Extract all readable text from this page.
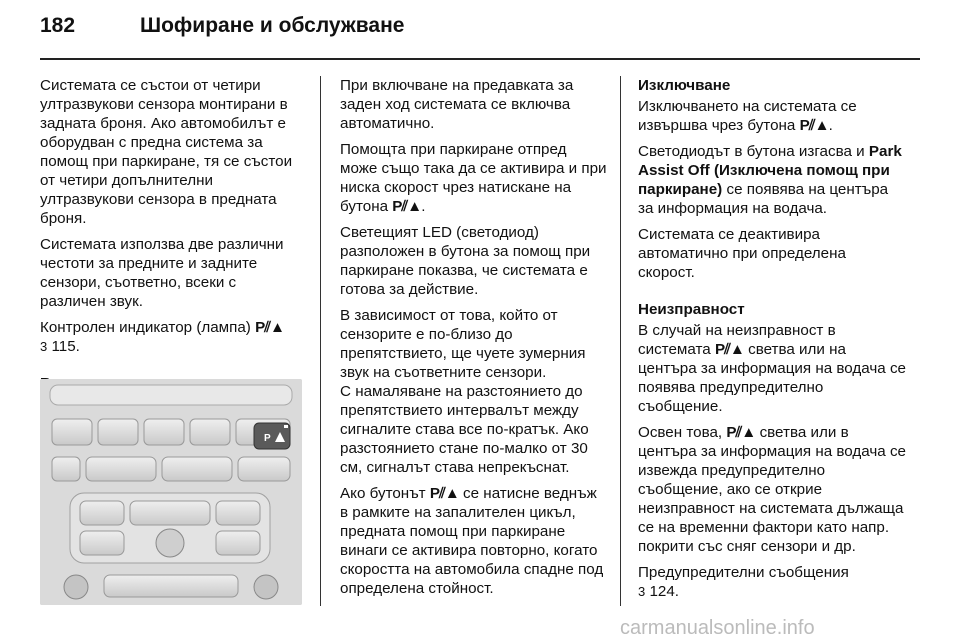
182	Шофиране и обслужване

Системата се състои от четири ултразвукови сензора монтирани в задната броня. Ако автомобилът е оборудван с предна система за помощ при паркиране, тя се състои от четири допълнителни ултразвукови сензора в предната броня.

Системата използва две различни честоти за предните и задните сензори, съответно, всеки с различен звук.

Контролен индикатор (лампа) P⫽▲
3 115.

P

При включване на предавката за заден ход системата се включва автоматично.

Помощта при паркиране отпред може също така да се активира и при ниска скорост чрез натискане на бутона P⫽▲.

Светещият LED (светодиод) разположен в бутона за помощ при паркиране показва, че системата е готова за действие.

В зависимост от това, който от сензорите е по-близо до препятствието, ще чуете зумерния звук на съответните сензори.

С намаляване на разстоянието до препятствието интервалът между сигналите става все по-кратък. Ако разстоянието стане по-малко от 30 см, сигналът става непрекъснат.

Ако бутонът P⫽▲ се натисне веднъж в рамките на запалителен цикъл, предната помощ при паркиране винаги се активира повторно, когато скоростта на автомобила спадне под определена стойност.

Изключване

Изключването на системата се извършва чрез бутона P⫽▲.

Светодиодът в бутона изгасва и Park Assist Off (Изключена помощ при паркиране) се появява на центъра за информация на водача.

Системата се деактивира автоматично при определена скорост.

Неизправност

В случай на неизправност в системата P⫽▲ светва или на центъра за информация на водача се появява предупредително съобщение.

Освен това, P⫽▲ светва или в центъра за информация на водача се извежда предупредително съобщение, ако се открие неизправност на системата дължаща се на временни фактори като напр. покрити със сняг сензори и др.

Предупредителни съобщения
3 124.

carmanualsonline.info
